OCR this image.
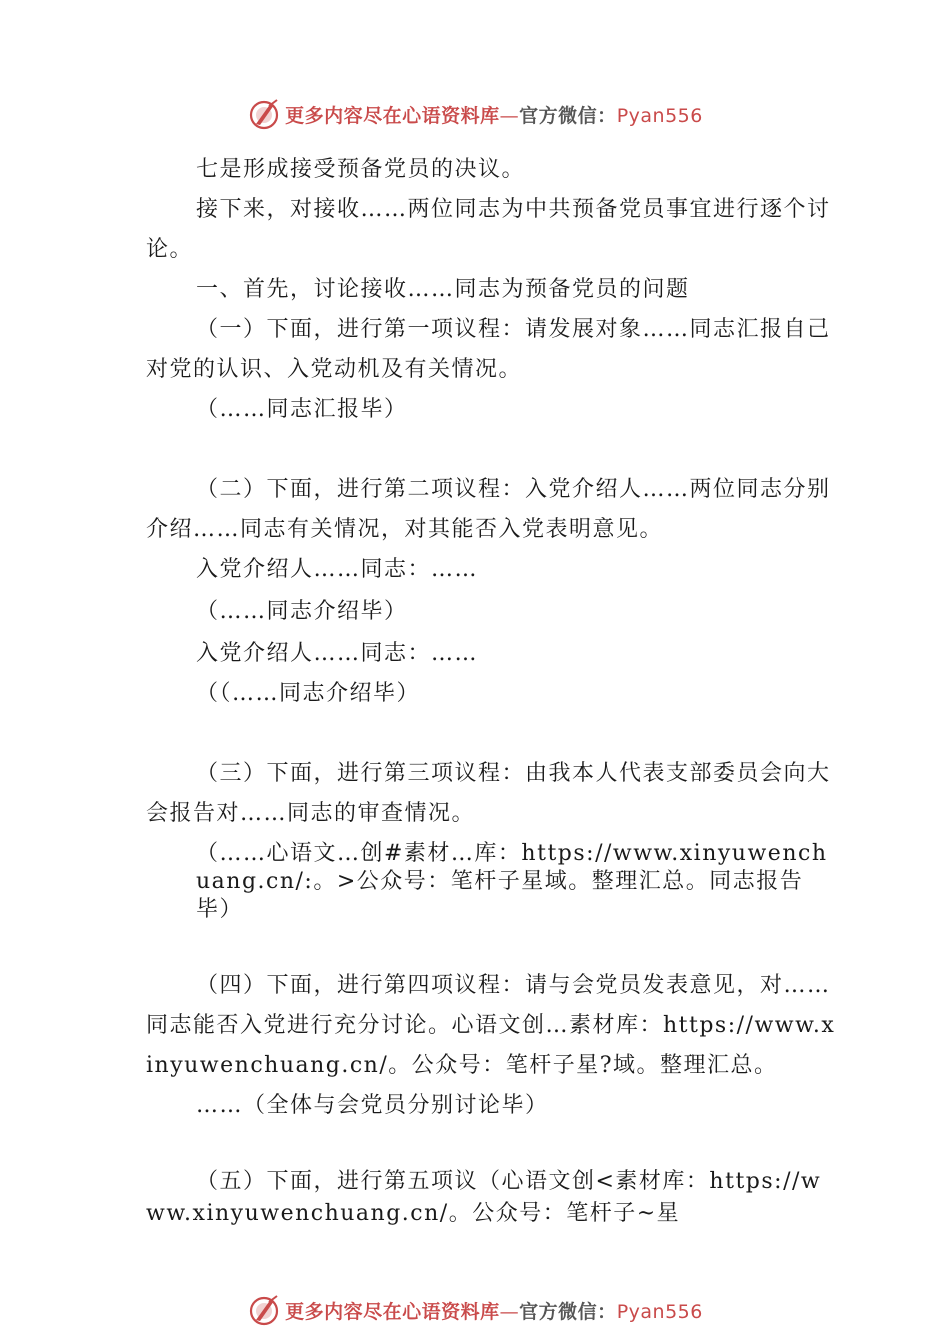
更多内容尽在心语资料库—官方微信：Pyan556

七是形成接受预备党员的决议。

接下来，对接收……两位同志为中共预备党员事宜进行逐个讨论。

一、首先，讨论接收……同志为预备党员的问题

（一）下面，进行第一项议程：请发展对象……同志汇报自己对党的认识、入党动机及有关情况。

（……同志汇报毕）

（二）下面，进行第二项议程：入党介绍人……两位同志分别介绍……同志有关情况，对其能否入党表明意见。

入党介绍人……同志：……

（……同志介绍毕）

入党介绍人……同志：……

（（……同志介绍毕）

（三）下面，进行第三项议程：由我本人代表支部委员会向大会报告对……同志的审查情况。

（……心语文…创#素材…库：https://www.xinyuwenchuang.cn/:。>公众号：笔杆子星域。整理汇总。同志报告毕）

（四）下面，进行第四项议程：请与会党员发表意见，对……同志能否入党进行充分讨论。心语文创…素材库：https://www.xinyuwenchuang.cn/。公众号：笔杆子星?域。整理汇总。

……（全体与会党员分别讨论毕）

（五）下面，进行第五项议（心语文创<素材库：https://www.xinyuwenchuang.cn/。公众号：笔杆子~星

更多内容尽在心语资料库—官方微信：Pyan556
